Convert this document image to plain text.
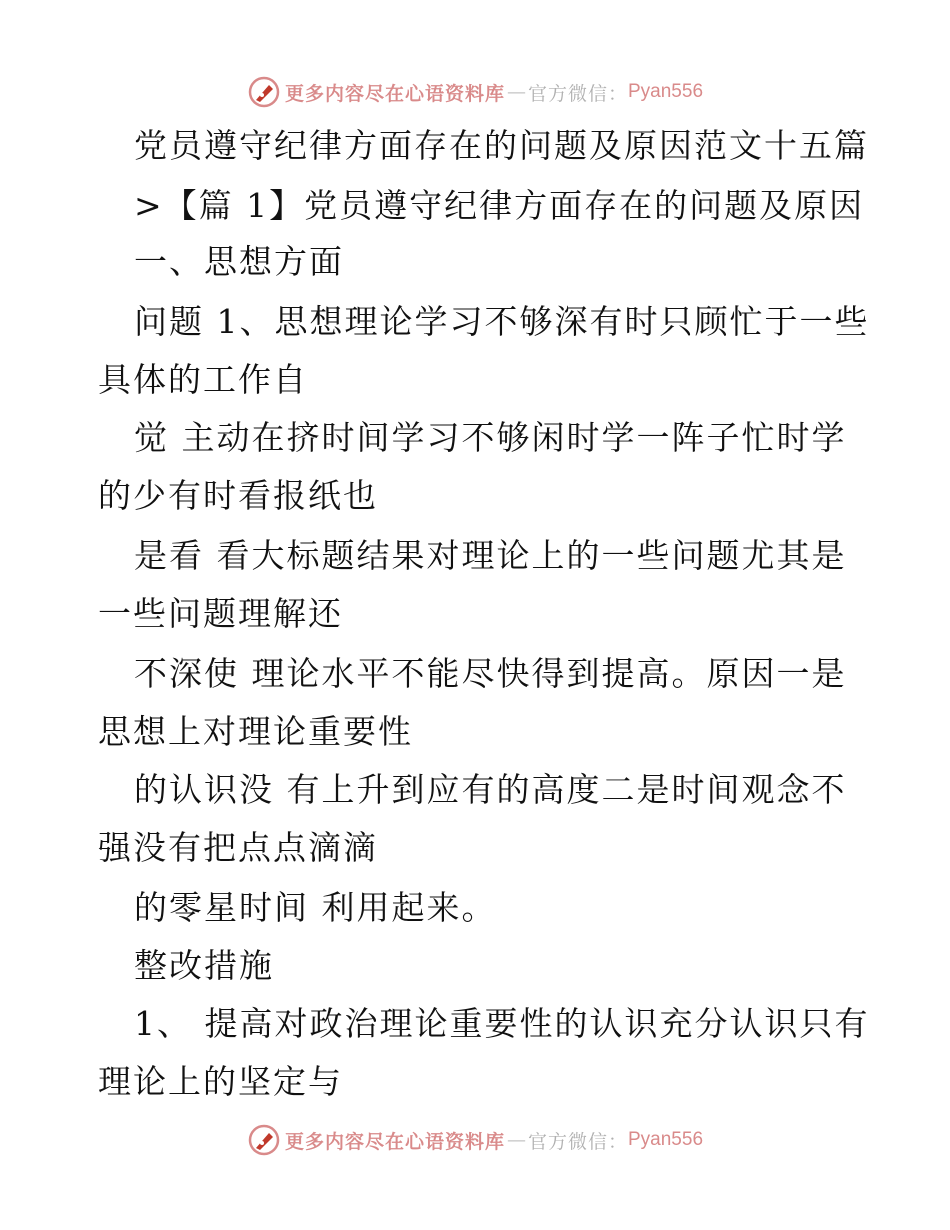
更多内容尽在心语资料库 — 官方微信： Pyan556
党员遵守纪律方面存在的问题及原因范文十五篇
>【篇 1】党员遵守纪律方面存在的问题及原因
一、思想方面
问题 1、思想理论学习不够深有时只顾忙于一些
具体的工作自
觉 主动在挤时间学习不够闲时学一阵子忙时学
的少有时看报纸也
是看 看大标题结果对理论上的一些问题尤其是
一些问题理解还
不深使 理论水平不能尽快得到提高。原因一是
思想上对理论重要性
的认识没 有上升到应有的高度二是时间观念不
强没有把点点滴滴
的零星时间 利用起来。
整改措施
1、 提高对政治理论重要性的认识充分认识只有
理论上的坚定与
更多内容尽在心语资料库 — 官方微信： Pyan556
